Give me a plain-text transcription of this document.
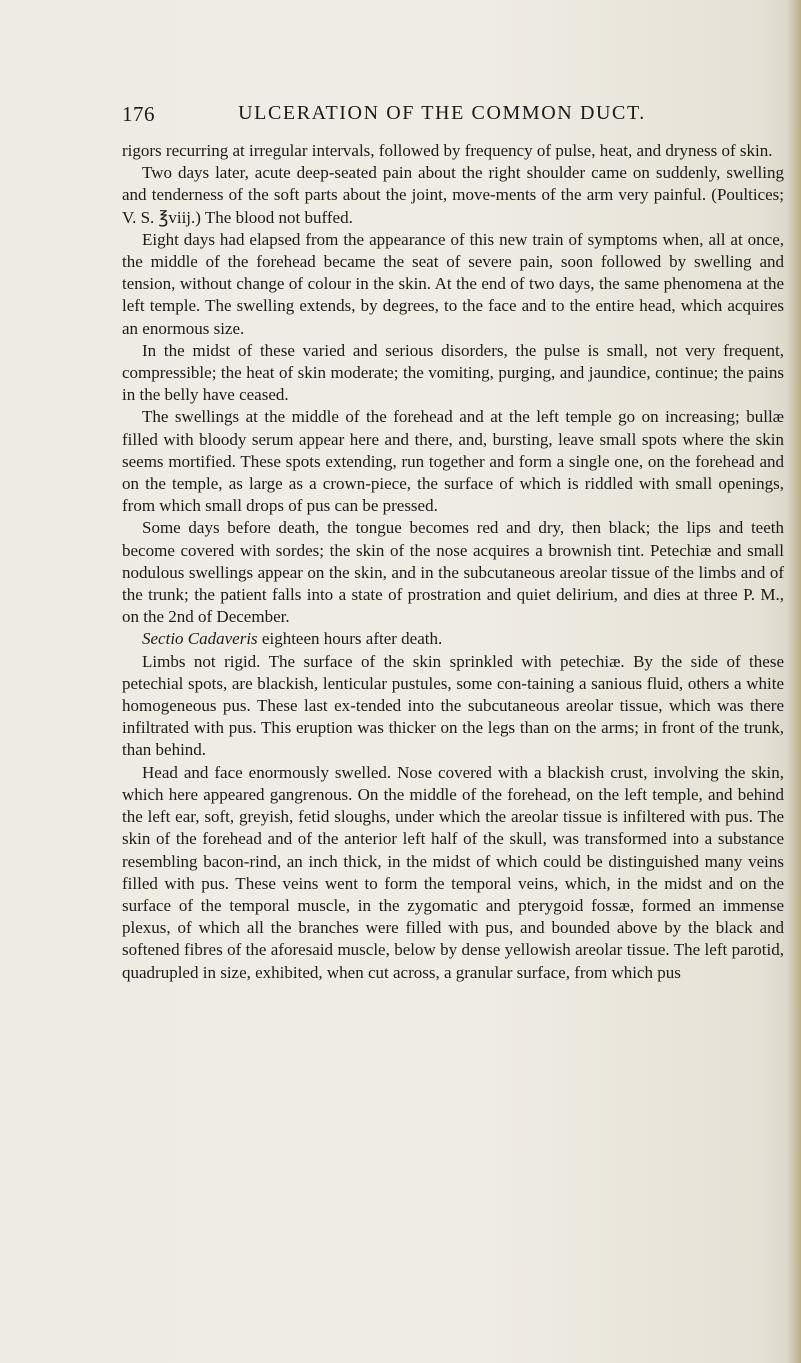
176	ULCERATION OF THE COMMON DUCT.

rigors recurring at irregular intervals, followed by frequency of pulse, heat, and dryness of skin.

Two days later, acute deep-seated pain about the right shoulder came on suddenly, swelling and tenderness of the soft parts about the joint, move-ments of the arm very painful. (Poultices; V. S. ℥viij.) The blood not buffed.

Eight days had elapsed from the appearance of this new train of symptoms when, all at once, the middle of the forehead became the seat of severe pain, soon followed by swelling and tension, without change of colour in the skin. At the end of two days, the same phenomena at the left temple. The swelling extends, by degrees, to the face and to the entire head, which acquires an enormous size.

In the midst of these varied and serious disorders, the pulse is small, not very frequent, compressible; the heat of skin moderate; the vomiting, purging, and jaundice, continue; the pains in the belly have ceased.

The swellings at the middle of the forehead and at the left temple go on increasing; bullæ filled with bloody serum appear here and there, and, bursting, leave small spots where the skin seems mortified. These spots extending, run together and form a single one, on the forehead and on the temple, as large as a crown-piece, the surface of which is riddled with small openings, from which small drops of pus can be pressed.

Some days before death, the tongue becomes red and dry, then black; the lips and teeth become covered with sordes; the skin of the nose acquires a brownish tint. Petechiæ and small nodulous swellings appear on the skin, and in the subcutaneous areolar tissue of the limbs and of the trunk; the patient falls into a state of prostration and quiet delirium, and dies at three P. M., on the 2nd of December.

Sectio Cadaveris eighteen hours after death.

Limbs not rigid. The surface of the skin sprinkled with petechiæ. By the side of these petechial spots, are blackish, lenticular pustules, some con-taining a sanious fluid, others a white homogeneous pus. These last ex-tended into the subcutaneous areolar tissue, which was there infiltrated with pus. This eruption was thicker on the legs than on the arms; in front of the trunk, than behind.

Head and face enormously swelled. Nose covered with a blackish crust, involving the skin, which here appeared gangrenous. On the middle of the forehead, on the left temple, and behind the left ear, soft, greyish, fetid sloughs, under which the areolar tissue is infiltered with pus. The skin of the forehead and of the anterior left half of the skull, was transformed into a substance resembling bacon-rind, an inch thick, in the midst of which could be distinguished many veins filled with pus. These veins went to form the temporal veins, which, in the midst and on the surface of the temporal muscle, in the zygomatic and pterygoid fossæ, formed an immense plexus, of which all the branches were filled with pus, and bounded above by the black and softened fibres of the aforesaid muscle, below by dense yellowish areolar tissue. The left parotid, quadrupled in size, exhibited, when cut across, a granular surface, from which pus
